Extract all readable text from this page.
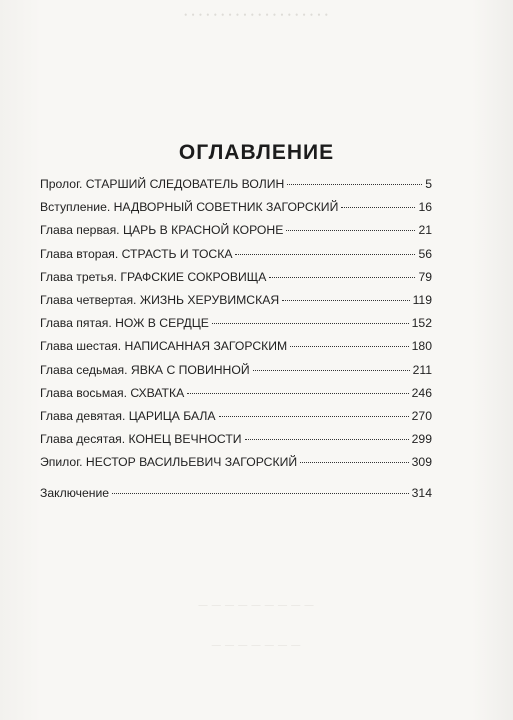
• • • • • • • • • • • • • • • • • • • •
— — — — — — — — —
— — — — — — —
ОГЛАВЛЕНИЕ
Пролог. СТАРШИЙ СЛЕДОВАТЕЛЬ ВОЛИН	5
Вступление. НАДВОРНЫЙ СОВЕТНИК ЗАГОРСКИЙ	16
Глава первая. ЦАРЬ В КРАСНОЙ КОРОНЕ	21
Глава вторая. СТРАСТЬ И ТОСКА	56
Глава третья. ГРАФСКИЕ СОКРОВИЩА	79
Глава четвертая. ЖИЗНЬ ХЕРУВИМСКАЯ	119
Глава пятая. НОЖ В СЕРДЦЕ	152
Глава шестая. НАПИСАННАЯ ЗАГОРСКИМ	180
Глава седьмая. ЯВКА С ПОВИННОЙ	211
Глава восьмая. СХВАТКА	246
Глава девятая. ЦАРИЦА БАЛА	270
Глава десятая. КОНЕЦ ВЕЧНОСТИ	299
Эпилог. НЕСТОР ВАСИЛЬЕВИЧ ЗАГОРСКИЙ	309
Заключение	314
